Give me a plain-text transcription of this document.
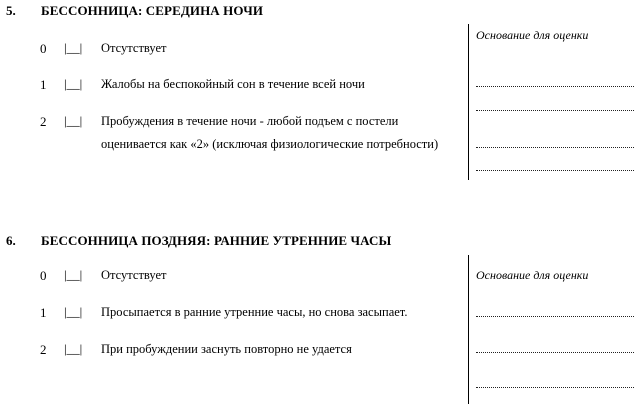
5. БЕССОННИЦА: СЕРЕДИНА НОЧИ
0 |__| Отсутствует
1 |__| Жалобы на беспокойный сон в течение всей ночи
2 |__| Пробуждения в течение ночи - любой подъем с постели
оценивается как «2» (исключая физиологические потребности)
Основание для оценки
6. БЕССОННИЦА ПОЗДНЯЯ: РАННИЕ УТРЕННИЕ ЧАСЫ
0 |__| Отсутствует
1 |__| Просыпается в ранние утренние часы, но снова засыпает.
2 |__| При пробуждении заснуть повторно не удается
Основание для оценки
